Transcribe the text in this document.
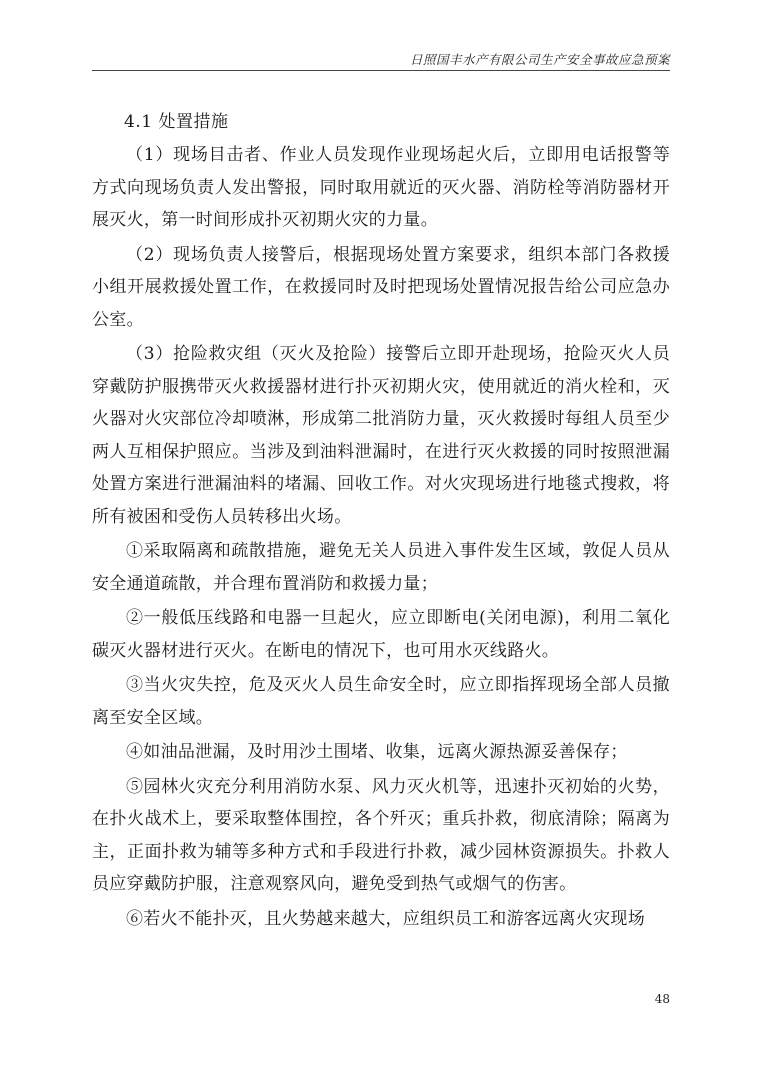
日照国丰水产有限公司生产安全事故应急预案
4.1 处置措施

（1）现场目击者、作业人员发现作业现场起火后，立即用电话报警等方式向现场负责人发出警报，同时取用就近的灭火器、消防栓等消防器材开展灭火，第一时间形成扑灭初期火灾的力量。

（2）现场负责人接警后，根据现场处置方案要求，组织本部门各救援小组开展救援处置工作，在救援同时及时把现场处置情况报告给公司应急办公室。

（3）抢险救灾组（灭火及抢险）接警后立即开赴现场，抢险灭火人员穿戴防护服携带灭火救援器材进行扑灭初期火灾，使用就近的消火栓和，灭火器对火灾部位冷却喷淋，形成第二批消防力量，灭火救援时每组人员至少两人互相保护照应。当涉及到油料泄漏时，在进行灭火救援的同时按照泄漏处置方案进行泄漏油料的堵漏、回收工作。对火灾现场进行地毯式搜救，将所有被困和受伤人员转移出火场。

①采取隔离和疏散措施，避免无关人员进入事件发生区域，敦促人员从安全通道疏散，并合理布置消防和救援力量；

②一般低压线路和电器一旦起火，应立即断电(关闭电源)，利用二氧化碳灭火器材进行灭火。在断电的情况下，也可用水灭线路火。

③当火灾失控，危及灭火人员生命安全时，应立即指挥现场全部人员撤离至安全区域。

④如油品泄漏，及时用沙土围堵、收集，远离火源热源妥善保存；

⑤园林火灾充分利用消防水泵、风力灭火机等，迅速扑灭初始的火势，在扑火战术上，要采取整体围控，各个歼灭；重兵扑救，彻底清除；隔离为主，正面扑救为辅等多种方式和手段进行扑救，减少园林资源损失。扑救人员应穿戴防护服，注意观察风向，避免受到热气或烟气的伤害。

⑥若火不能扑灭，且火势越来越大，应组织员工和游客远离火灾现场

48
